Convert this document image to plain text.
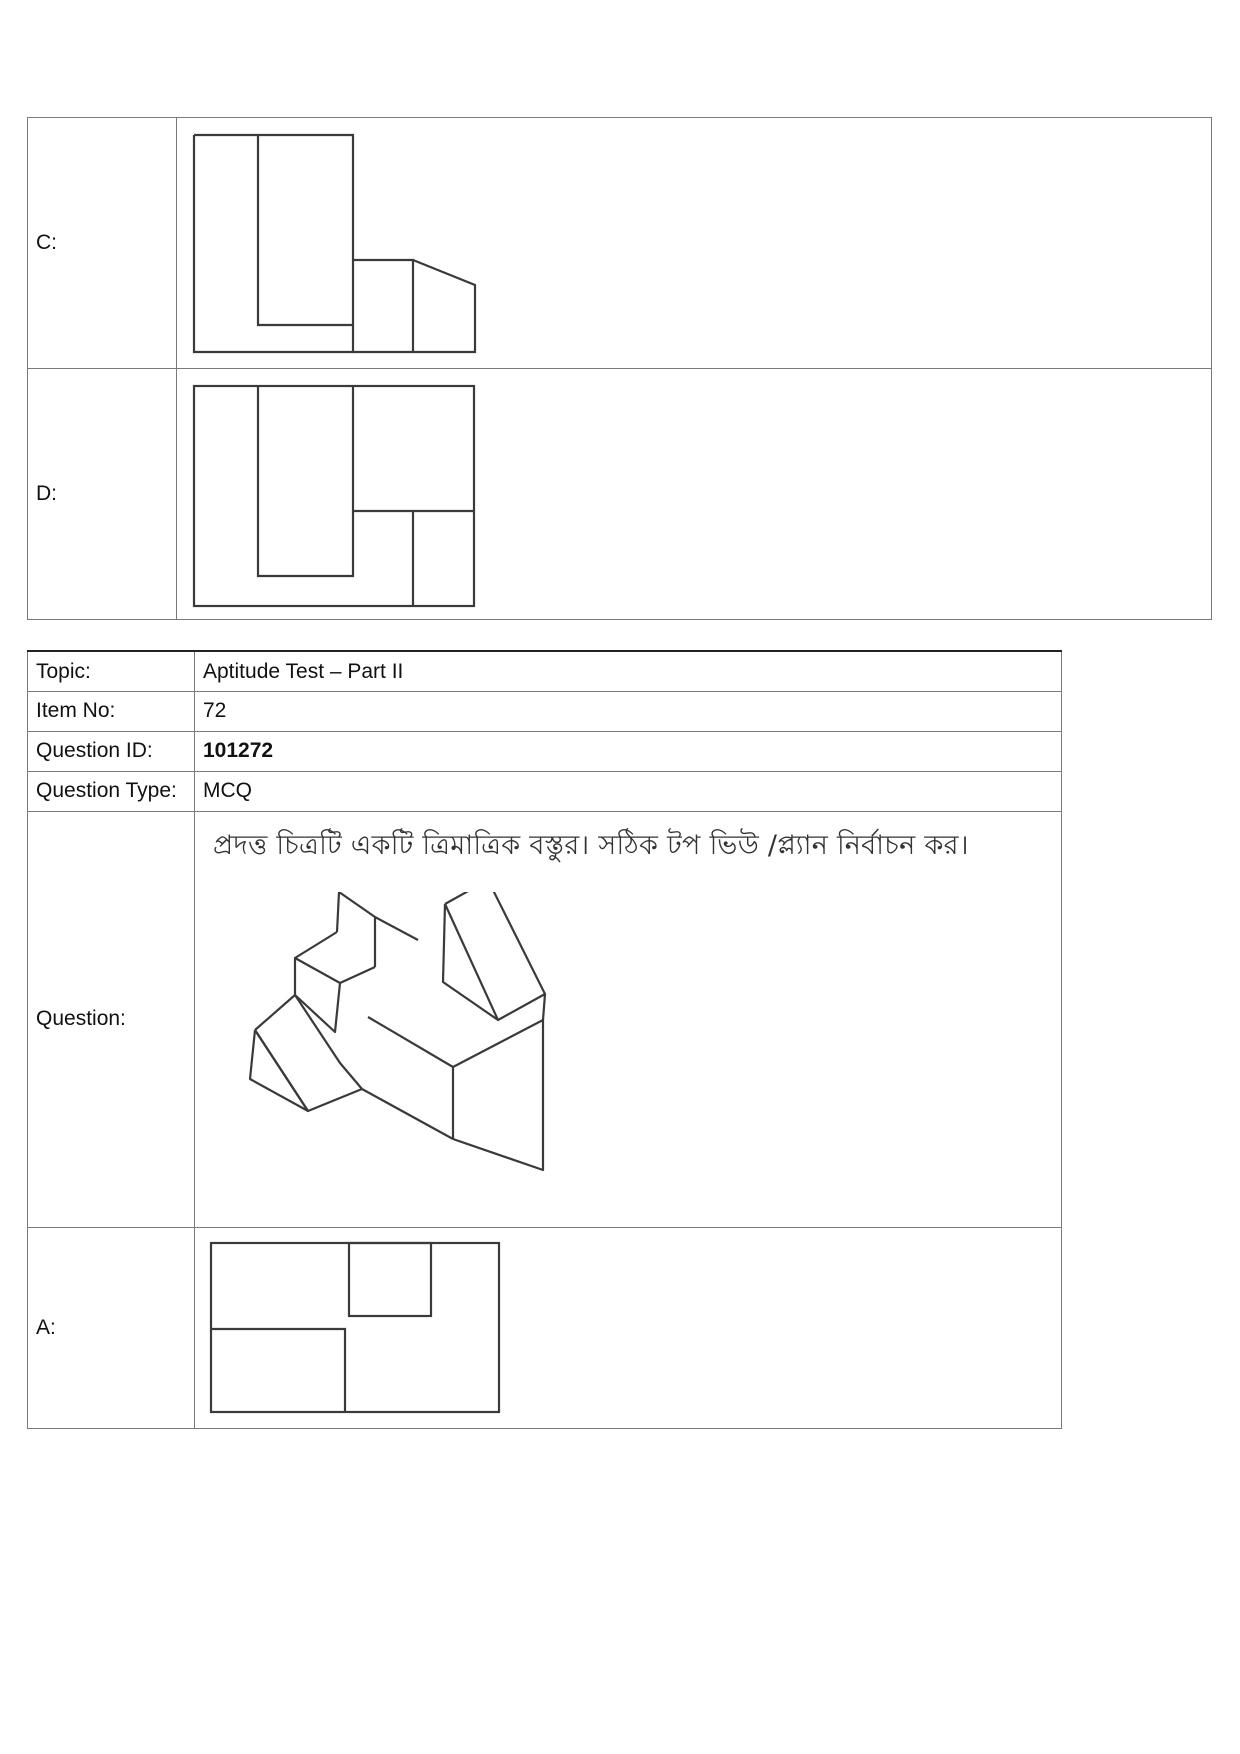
C:	

D:	
Topic:	Aptitude Test – Part II
Item No:	72
Question ID:	101272
Question Type:	MCQ
Question:	প্রদত্ত চিত্রটি একটি ত্রিমাত্রিক বস্তুর। সঠিক টপ ভিউ /প্ল্যান নির্বাচন কর।

A:	
